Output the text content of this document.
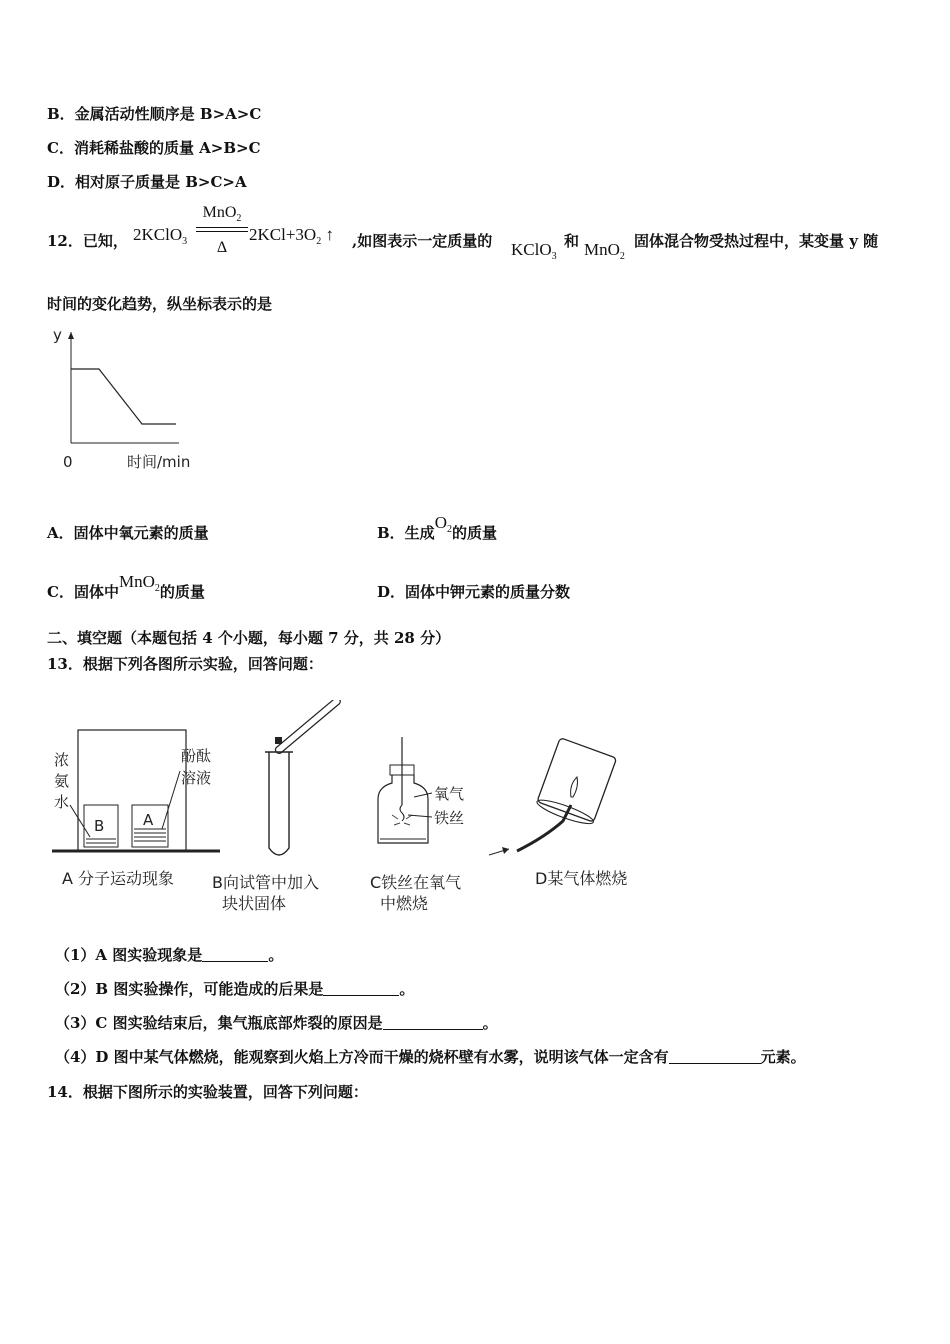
B．金属活动性顺序是 B>A>C
C．消耗稀盐酸的质量 A>B>C
D．相对原子质量是 B>C>A
12．已知， 2KClO$_3$
MnO$_2$
Δ
$2KCl+3O_2$ ↑ ,如图表示一定质量的 KClO$_3$
和 MnO$_2$
固体混合物受热过程中，某变量 y 随
时间的变化趋势，纵坐标表示的是
y
0	时间/min
A．固体中氧元素的质量	B．生成$O_2$的质量
C．固体中MnO$_2$的质量	D．固体中钾元素的质量分数
二、填空题（本题包括 4 个小题，每小题 7 分，共 28 分）
13．根据下列各图所示实验，回答问题：
B	A
浓
氨
水
酚酞
溶液
A 分子运动现象 B向试管中加入
块状固体
氧气
铁丝
C铁丝在氧气
中燃烧
D某气体燃烧
（1）A 图实验现象是	。
（2）B 图实验操作，可能造成的后果是	。
（3）C 图实验结束后，集气瓶底部炸裂的原因是	。
（4）D 图中某气体燃烧，能观察到火焰上方冷而干燥的烧杯壁有水雾，说明该气体一定含有	元素。
14．根据下图所示的实验装置，回答下列问题：
